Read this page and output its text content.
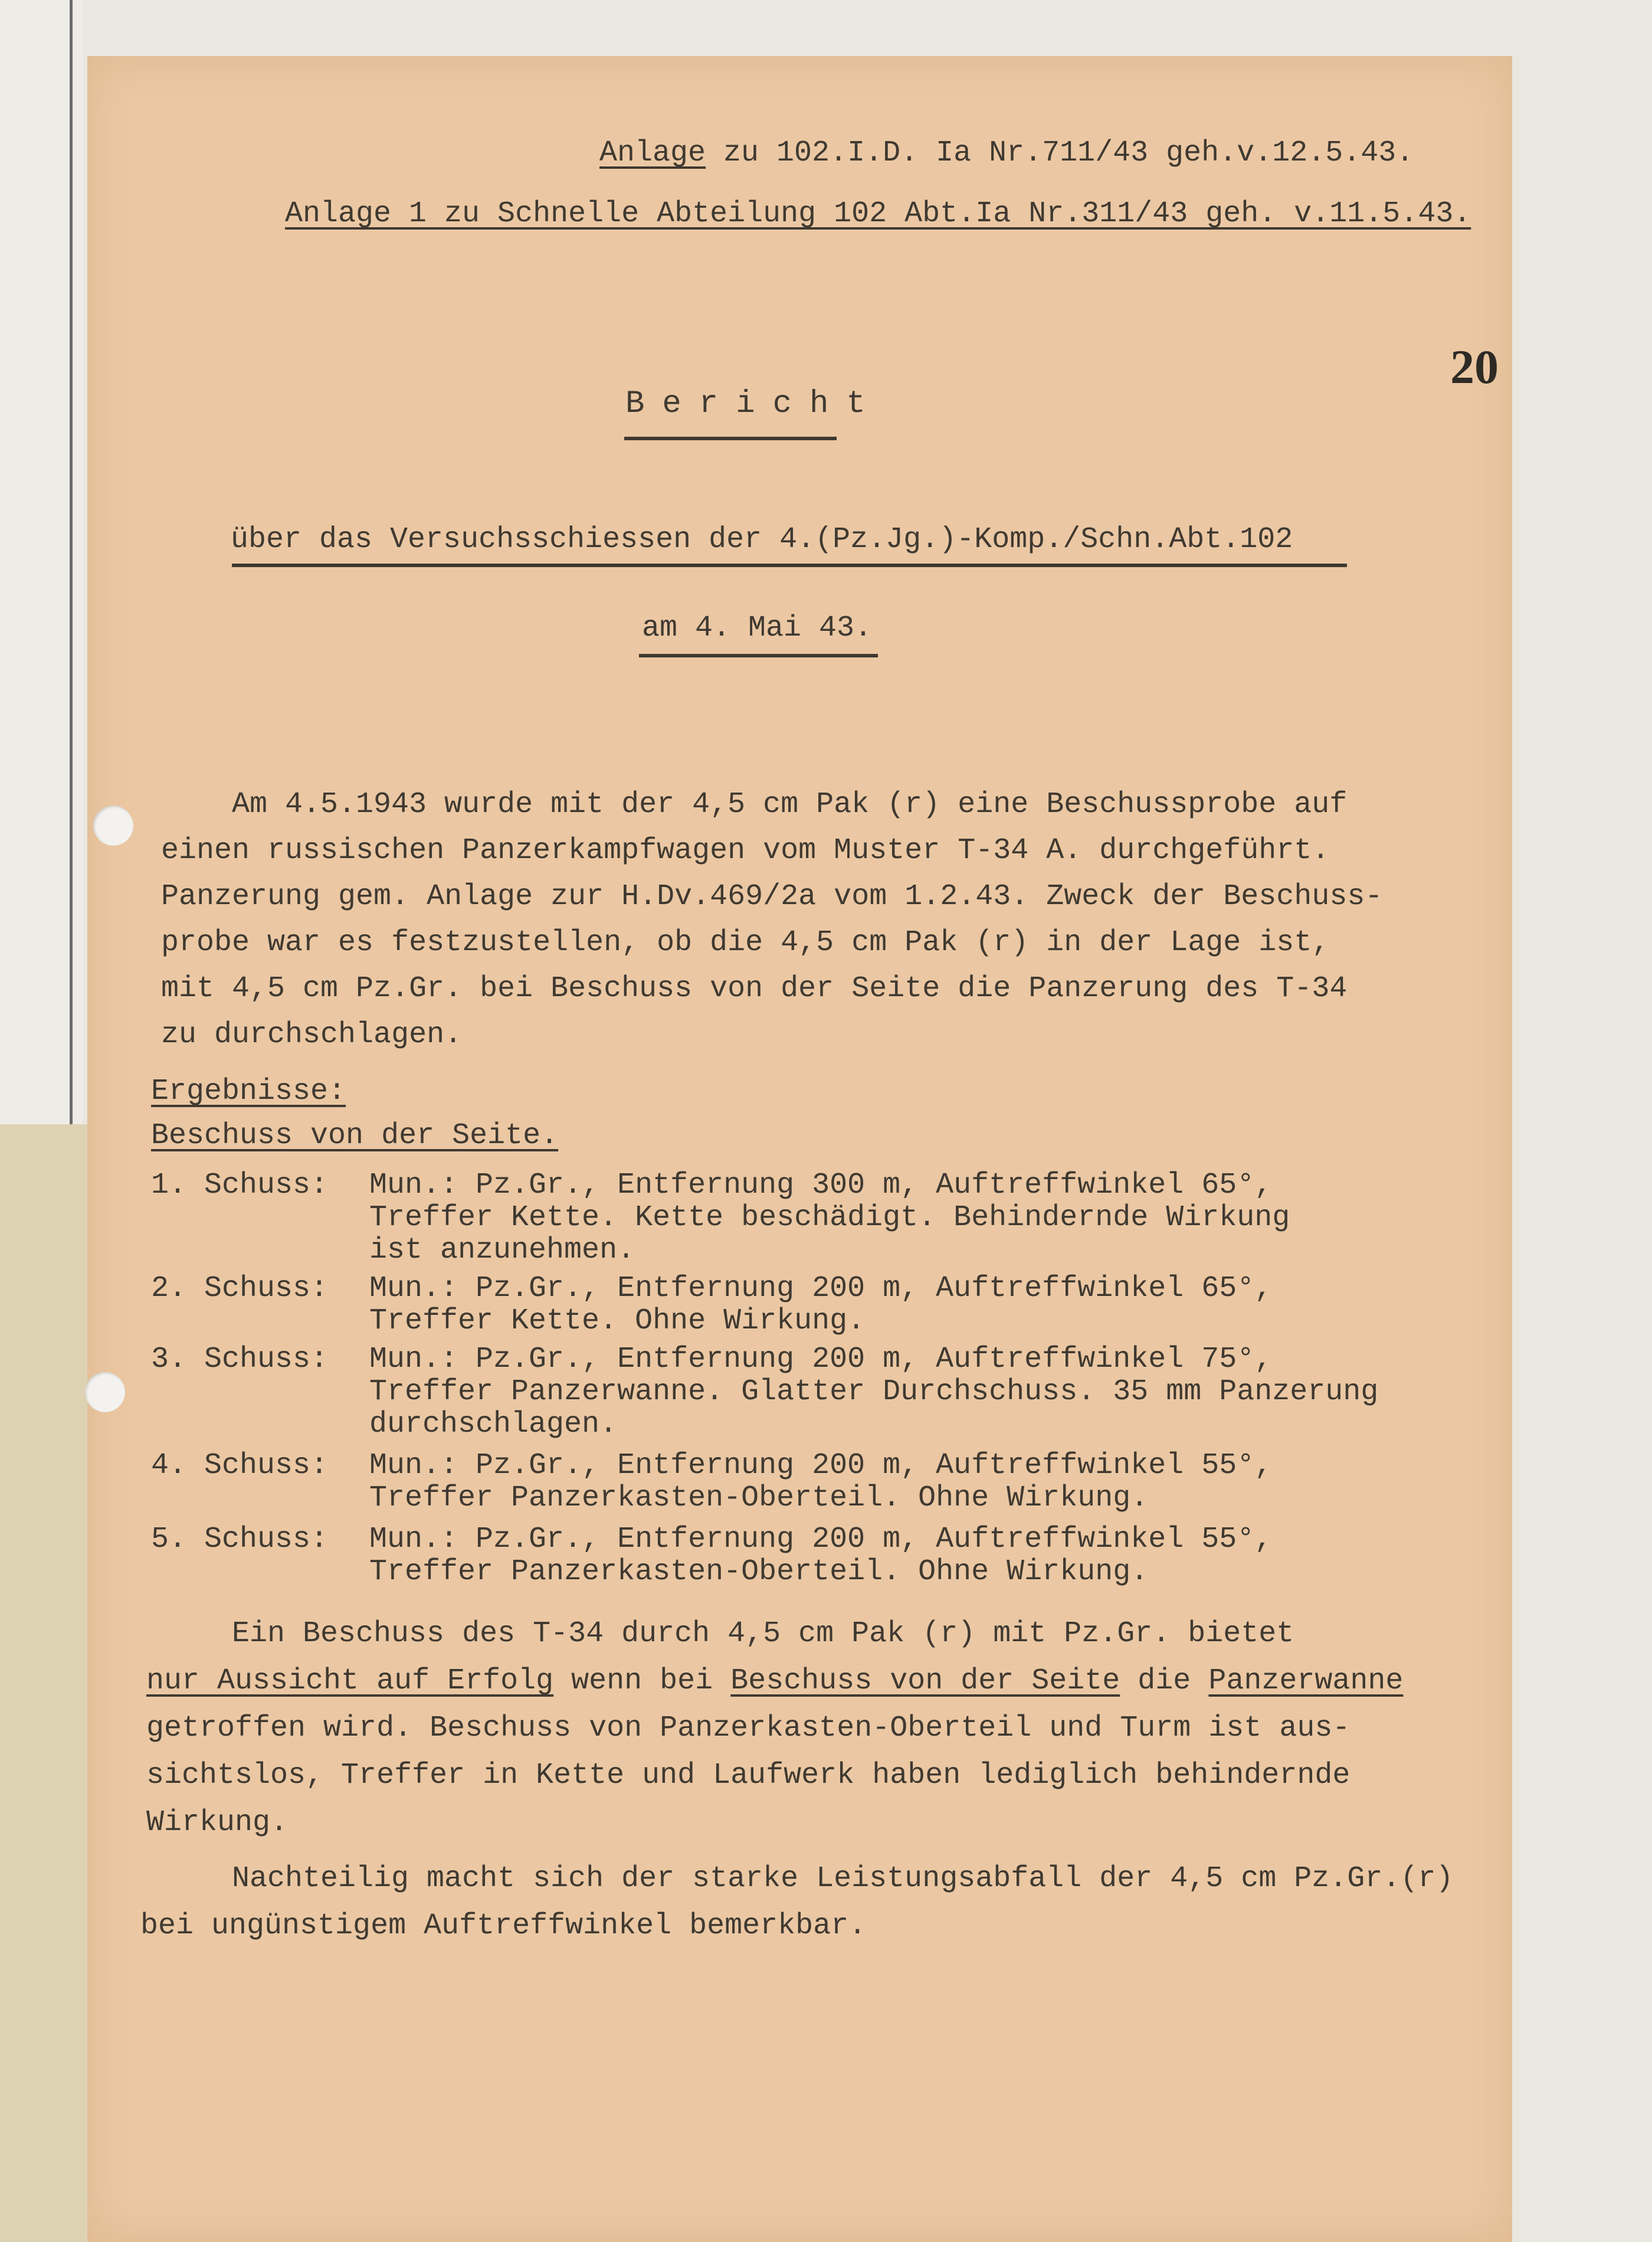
Anlage zu 102.I.D. Ia Nr.711/43 geh.v.12.5.43.
Anlage 1 zu Schnelle Abteilung 102 Abt.Ia Nr.311/43 geh. v.11.5.43.
20
Bericht
über das Versuchsschiessen der 4.(Pz.Jg.)-Komp./Schn.Abt.102
am 4. Mai 43.
Am 4.5.1943 wurde mit der 4,5 cm Pak (r) eine Beschussprobe auf
einen russischen Panzerkampfwagen vom Muster T-34 A. durchgeführt.
Panzerung gem. Anlage zur H.Dv.469/2a vom 1.2.43. Zweck der Beschuss-
probe war es festzustellen, ob die 4,5 cm Pak (r) in der Lage ist,
mit 4,5 cm Pz.Gr. bei Beschuss von der Seite die Panzerung des T-34
zu durchschlagen.
Ergebnisse:
Beschuss von der Seite.
1. Schuss: Mun.: Pz.Gr., Entfernung 300 m, Auftreffwinkel 65°,
Treffer Kette. Kette beschädigt. Behindernde Wirkung
ist anzunehmen.
2. Schuss: Mun.: Pz.Gr., Entfernung 200 m, Auftreffwinkel 65°,
Treffer Kette. Ohne Wirkung.
3. Schuss: Mun.: Pz.Gr., Entfernung 200 m, Auftreffwinkel 75°,
Treffer Panzerwanne. Glatter Durchschuss. 35 mm Panzerung
durchschlagen.
4. Schuss: Mun.: Pz.Gr., Entfernung 200 m, Auftreffwinkel 55°,
Treffer Panzerkasten-Oberteil. Ohne Wirkung.
5. Schuss: Mun.: Pz.Gr., Entfernung 200 m, Auftreffwinkel 55°,
Treffer Panzerkasten-Oberteil. Ohne Wirkung.
Ein Beschuss des T-34 durch 4,5 cm Pak (r) mit Pz.Gr. bietet
nur Aussicht auf Erfolg wenn bei Beschuss von der Seite die Panzerwanne
getroffen wird. Beschuss von Panzerkasten-Oberteil und Turm ist aus-
sichtslos, Treffer in Kette und Laufwerk haben lediglich behindernde
Wirkung.
Nachteilig macht sich der starke Leistungsabfall der 4,5 cm Pz.Gr.(r)
bei ungünstigem Auftreffwinkel bemerkbar.
